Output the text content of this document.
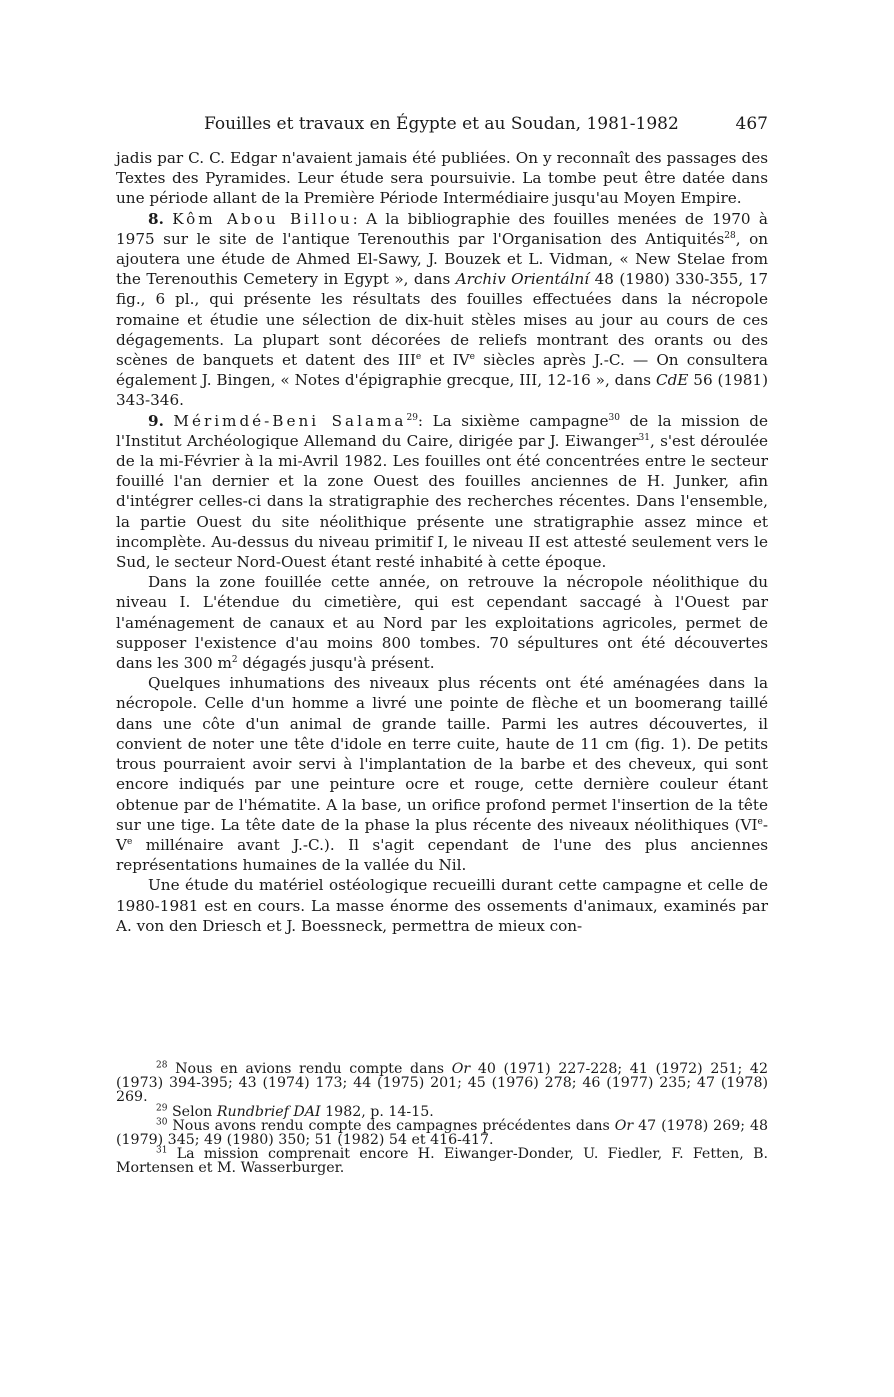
Fouilles et travaux en Égypte et au Soudan, 1981-1982	467

jadis par C. C. Edgar n'avaient jamais été publiées. On y reconnaît des passages des Textes des Pyramides. Leur étude sera poursuivie. La tombe peut être datée dans une période allant de la Première Période Intermédiaire jusqu'au Moyen Empire.

8. Kôm Abou Billou: A la bibliographie des fouilles menées de 1970 à 1975 sur le site de l'antique Terenouthis par l'Organisation des Antiquités$^{28}$, on ajoutera une étude de Ahmed El-Sawy, J. Bouzek et L. Vidman, « New Stelae from the Terenouthis Cemetery in Egypt », dans Archiv Orientální 48 (1980) 330-355, 17 fig., 6 pl., qui présente les résultats des fouilles effectuées dans la nécropole romaine et étudie une sélection de dix-huit stèles mises au jour au cours de ces dégagements. La plupart sont décorées de reliefs montrant des orants ou des scènes de banquets et datent des IIIe et IVe siècles après J.-C. — On consultera également J. Bingen, « Notes d'épigraphie grecque, III, 12-16 », dans CdE 56 (1981) 343-346.

9. Mérimdé-Beni Salama$^{29}$: La sixième campagne$^{30}$ de la mission de l'Institut Archéologique Allemand du Caire, dirigée par J. Eiwanger$^{31}$, s'est déroulée de la mi-Février à la mi-Avril 1982. Les fouilles ont été concentrées entre le secteur fouillé l'an dernier et la zone Ouest des fouilles anciennes de H. Junker, afin d'intégrer celles-ci dans la stratigraphie des recherches récentes. Dans l'ensemble, la partie Ouest du site néolithique présente une stratigraphie assez mince et incomplète. Au-dessus du niveau primitif I, le niveau II est attesté seulement vers le Sud, le secteur Nord-Ouest étant resté inhabité à cette époque.

Dans la zone fouillée cette année, on retrouve la nécropole néolithique du niveau I. L'étendue du cimetière, qui est cependant saccagé à l'Ouest par l'aménagement de canaux et au Nord par les exploitations agricoles, permet de supposer l'existence d'au moins 800 tombes. 70 sépultures ont été découvertes dans les 300 $m^2$ dégagés jusqu'à présent.

Quelques inhumations des niveaux plus récents ont été aménagées dans la nécropole. Celle d'un homme a livré une pointe de flèche et un boomerang taillé dans une côte d'un animal de grande taille. Parmi les autres découvertes, il convient de noter une tête d'idole en terre cuite, haute de 11 cm (fig. 1). De petits trous pourraient avoir servi à l'implantation de la barbe et des cheveux, qui sont encore indiqués par une peinture ocre et rouge, cette dernière couleur étant obtenue par de l'hématite. A la base, un orifice profond permet l'insertion de la tête sur une tige. La tête date de la phase la plus récente des niveaux néolithiques (VIe-Ve millénaire avant J.-C.). Il s'agit cependant de l'une des plus anciennes représentations humaines de la vallée du Nil.

Une étude du matériel ostéologique recueilli durant cette campagne et celle de 1980-1981 est en cours. La masse énorme des ossements d'animaux, examinés par A. von den Driesch et J. Boessneck, permettra de mieux con-

$^{28}$ Nous en avions rendu compte dans Or 40 (1971) 227-228; 41 (1972) 251; 42 (1973) 394-395; 43 (1974) 173; 44 (1975) 201; 45 (1976) 278; 46 (1977) 235; 47 (1978) 269.

$^{29}$ Selon Rundbrief DAI 1982, p. 14-15.

$^{30}$ Nous avons rendu compte des campagnes précédentes dans Or 47 (1978) 269; 48 (1979) 345; 49 (1980) 350; 51 (1982) 54 et 416-417.

$^{31}$ La mission comprenait encore H. Eiwanger-Donder, U. Fiedler, F. Fetten, B. Mortensen et M. Wasserburger.
